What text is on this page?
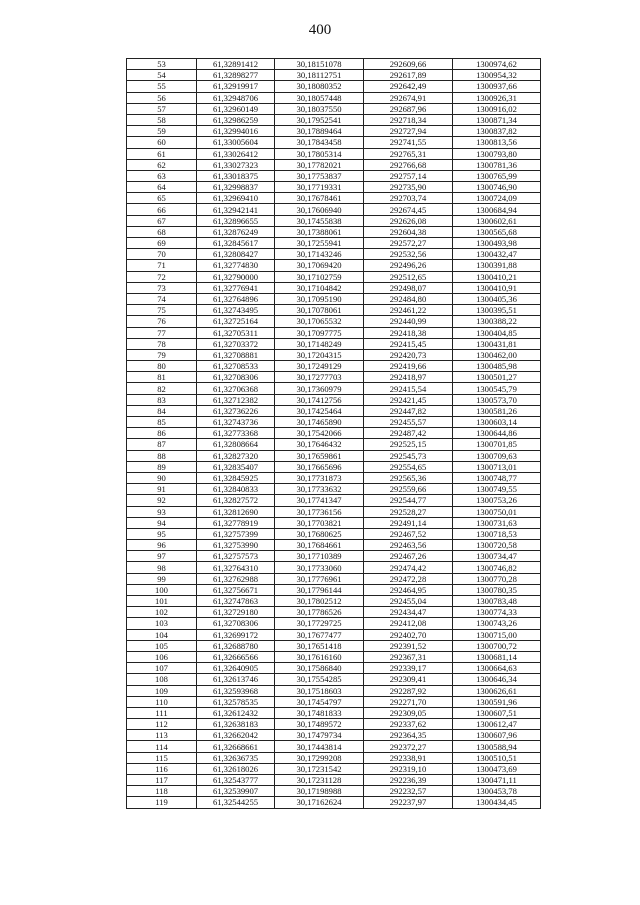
400
53	61,32891412	30,18151078	292609,66	1300974,62
54	61,32898277	30,18112751	292617,89	1300954,32
55	61,32919917	30,18080352	292642,49	1300937,66
56	61,32948706	30,18057448	292674,91	1300926,31
57	61,32960149	30,18037550	292687,96	1300916,02
58	61,32986259	30,17952541	292718,34	1300871,34
59	61,32994016	30,17889464	292727,94	1300837,82
60	61,33005604	30,17843458	292741,55	1300813,56
61	61,33026412	30,17805314	292765,31	1300793,80
62	61,33027323	30,17782021	292766,68	1300781,36
63	61,33018375	30,17753837	292757,14	1300765,99
64	61,32998837	30,17719331	292735,90	1300746,90
65	61,32969410	30,17678461	292703,74	1300724,09
66	61,32942141	30,17606940	292674,45	1300684,94
67	61,32896655	30,17455838	292626,08	1300602,61
68	61,32876249	30,17388061	292604,38	1300565,68
69	61,32845617	30,17255941	292572,27	1300493,98
70	61,32808427	30,17143246	292532,56	1300432,47
71	61,32774830	30,17069420	292496,26	1300391,88
72	61,32790000	30,17102759	292512,65	1300410,21
73	61,32776941	30,17104842	292498,07	1300410,91
74	61,32764896	30,17095190	292484,80	1300405,36
75	61,32743495	30,17078061	292461,22	1300395,51
76	61,32725164	30,17065532	292440,99	1300388,22
77	61,32705311	30,17097775	292418,38	1300404,85
78	61,32703372	30,17148249	292415,45	1300431,81
79	61,32708881	30,17204315	292420,73	1300462,00
80	61,32708533	30,17249129	292419,66	1300485,98
81	61,32708306	30,17277703	292418,97	1300501,27
82	61,32706368	30,17360979	292415,54	1300545,79
83	61,32712382	30,17412756	292421,45	1300573,70
84	61,32736226	30,17425464	292447,82	1300581,26
85	61,32743736	30,17465890	292455,57	1300603,14
86	61,32773368	30,17542066	292487,42	1300644,86
87	61,32808664	30,17646432	292525,15	1300701,85
88	61,32827320	30,17659861	292545,73	1300709,63
89	61,32835407	30,17665696	292554,65	1300713,01
90	61,32845925	30,17731873	292565,36	1300748,77
91	61,32840833	30,17733632	292559,66	1300749,55
92	61,32827572	30,17741347	292544,77	1300753,26
93	61,32812690	30,17736156	292528,27	1300750,01
94	61,32778919	30,17703821	292491,14	1300731,63
95	61,32757399	30,17680625	292467,52	1300718,53
96	61,32753990	30,17684661	292463,56	1300720,58
97	61,32757573	30,17710389	292467,26	1300734,47
98	61,32764310	30,17733060	292474,42	1300746,82
99	61,32762988	30,17776961	292472,28	1300770,28
100	61,32756671	30,17796144	292464,95	1300780,35
101	61,32747863	30,17802512	292455,04	1300783,48
102	61,32729180	30,17786526	292434,47	1300774,33
103	61,32708306	30,17729725	292412,08	1300743,26
104	61,32699172	30,17677477	292402,70	1300715,00
105	61,32688780	30,17651418	292391,52	1300700,72
106	61,32666566	30,17616160	292367,31	1300681,14
107	61,32640905	30,17586840	292339,17	1300664,63
108	61,32613746	30,17554285	292309,41	1300646,34
109	61,32593968	30,17518603	292287,92	1300626,61
110	61,32578535	30,17454797	292271,70	1300591,96
111	61,32612432	30,17481833	292309,05	1300607,51
112	61,32638183	30,17489572	292337,62	1300612,47
113	61,32662042	30,17479734	292364,35	1300607,96
114	61,32668661	30,17443814	292372,27	1300588,94
115	61,32636735	30,17299208	292338,91	1300510,51
116	61,32618026	30,17231542	292319,10	1300473,69
117	61,32543777	30,17231128	292236,39	1300471,11
118	61,32539907	30,17198988	292232,57	1300453,78
119	61,32544255	30,17162624	292237,97	1300434,45
